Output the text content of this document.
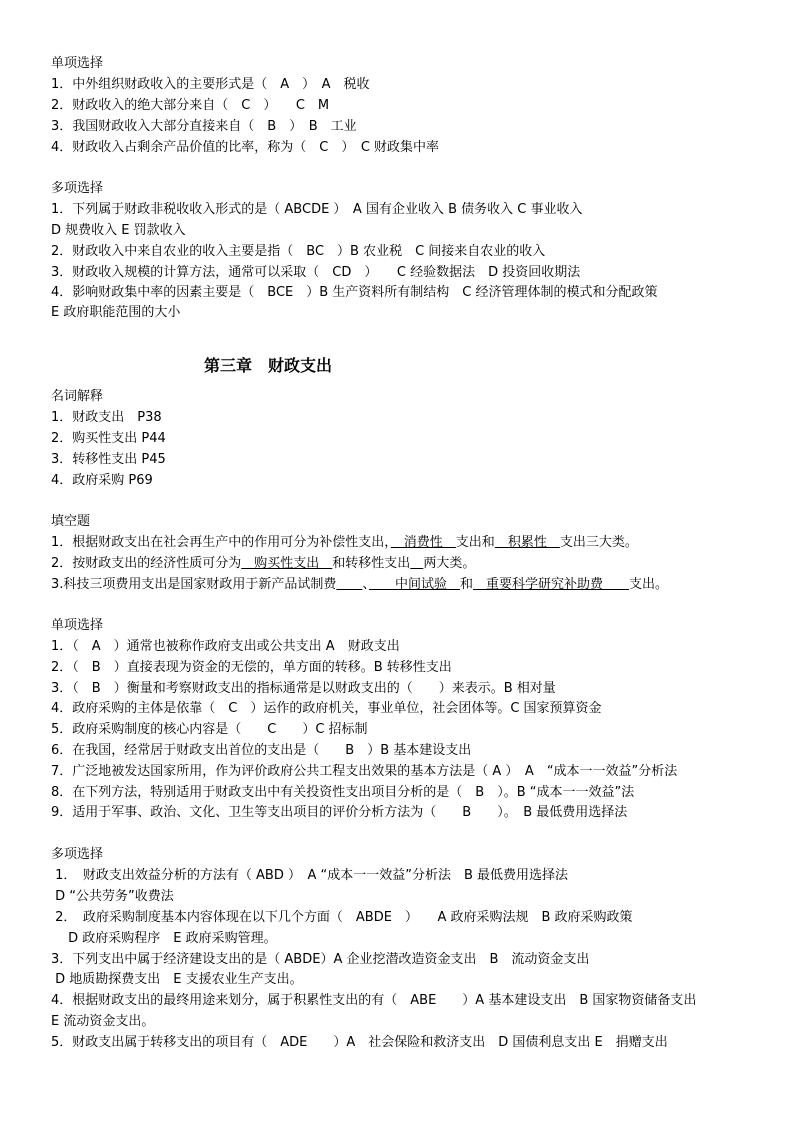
单项选择
1．中外组织财政收入的主要形式是（　A　）　A　税收
2．财政收入的绝大部分来自（　C　）　　C　M
3．我国财政收入大部分直接来自（　B　）　B　工业
4．财政收入占剩余产品价值的比率，称为（　C　）　C 财政集中率
多项选择
1．下列属于财政非税收收入形式的是（ ABCDE ）　A 国有企业收入 B 债务收入 C 事业收入
D 规费收入 E 罚款收入
2．财政收入中来自农业的收入主要是指（　BC　）B 农业税　C 间接来自农业的收入
3．财政收入规模的计算方法，通常可以采取（　CD　）　　C 经验数据法　D 投资回收期法
4．影响财政集中率的因素主要是（　BCE　）B 生产资料所有制结构　C 经济管理体制的模式和分配政策
E 政府职能范围的大小
第三章　财政支出
名词解释
1．财政支出　P38
2．购买性支出 P44
3．转移性支出 P45
4．政府采购 P69
填空题
1．根据财政支出在社会再生产中的作用可分为补偿性支出，　消费性　支出和　积累性　支出三大类。
2．按财政支出的经济性质可分为　购买性支出　和转移性支出　 两大类。
3.科技三项费用支出是国家财政用于新产品试制费　　 、　　中间试验　和　重要科学研究补助费　　支出。
单项选择
1．（　A　）通常也被称作政府支出或公共支出 A　财政支出
2．（　B　）直接表现为资金的无偿的，单方面的转移。B 转移性支出
3．（　B　）衡量和考察财政支出的指标通常是以财政支出的（　　）来表示。B 相对量
4．政府采购的主体是依靠（　C　）运作的政府机关，事业单位，社会团体等。C 国家预算资金
5．政府采购制度的核心内容是（　　C　　）C 招标制
6．在我国，经常居于财政支出首位的支出是（　　B　）B 基本建设支出
7．广泛地被发达国家所用，作为评价政府公共工程支出效果的基本方法是（ A ）　A　“成本一一效益”分析法
8．在下列方法，特别适用于财政支出中有关投资性支出项目分析的是（　B　）。B “成本一一效益”法
9．适用于军事、政治、文化、卫生等支出项目的评价分析方法为（　　B　　）。　B 最低费用选择法
多项选择
1．　财政支出效益分析的方法有（ ABD ）　A “成本一一效益”分析法　B 最低费用选择法
D “公共劳务”收费法
2．　政府采购制度基本内容体现在以下几个方面（　ABDE　）　　A 政府采购法规　B 政府采购政策
　 D 政府采购程序　E 政府采购管理。
3．下列支出中属于经济建设支出的是（ ABDE）A 企业挖潜改造资金支出　B　流动资金支出
D 地质勘探费支出　E 支援农业生产支出。
4．根据财政支出的最终用途来划分，属于积累性支出的有（　ABE　　）A 基本建设支出　B 国家物资储备支出
E 流动资金支出。
5．财政支出属于转移支出的项目有（　ADE　　）A　社会保险和救济支出　D 国债利息支出 E　捐赠支出
